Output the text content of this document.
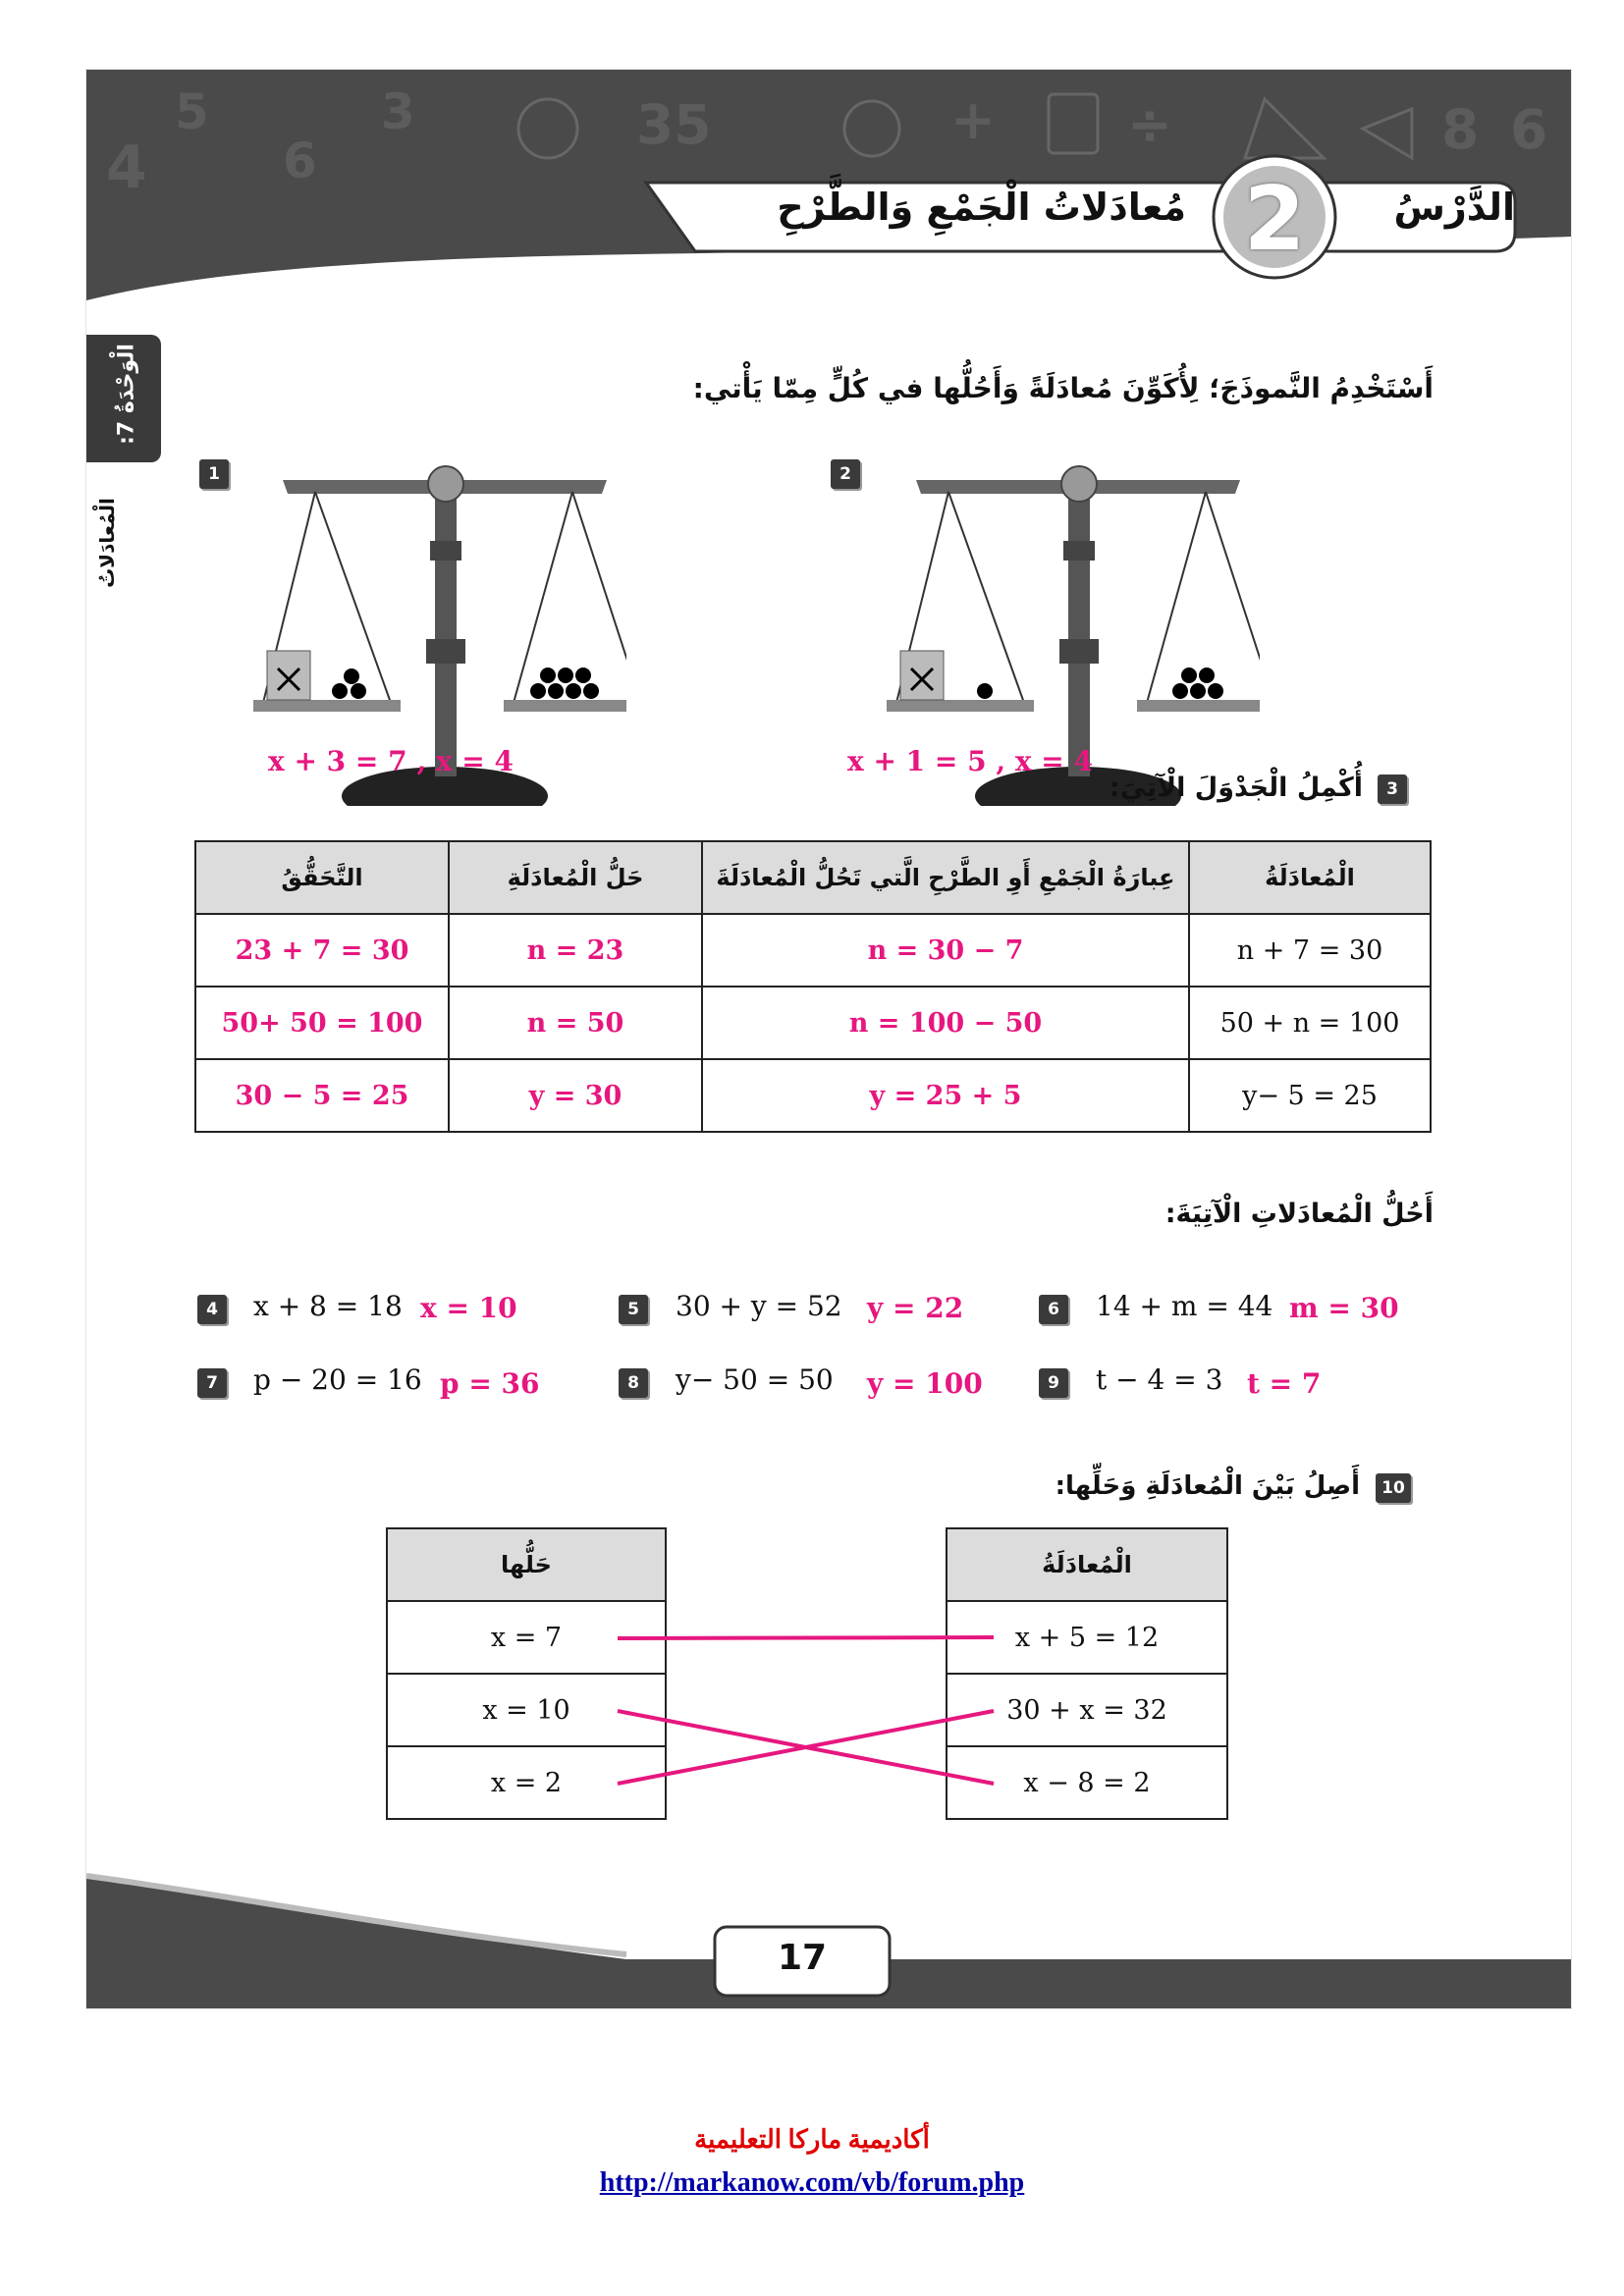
4
5
6
3	35	+ ÷	8 6
2	الدَّرْسُ
مُعادَلاتُ الْجَمْعِ وَالطَّرْحِ
الْوَحْدَةُ 7:
الْمُعادَلاتُ
أَسْتَخْدِمُ النَّموذَجَ؛ لِأُكَوِّنَ مُعادَلَةً وَأَحُلُّها في كُلٍّ مِمّا يَأْتي:
1
x + 3 = 7 , x = 4
2
x + 1 = 5 , x = 4
3
أُكْمِلُ الْجَدْوَلَ الْآتِيَ:
التَّحَقُّقُ	حَلُّ الْمُعادَلَةِ	عِبارَةُ الْجَمْعِ أَوِ الطَّرْحِ الَّتي تَحُلُّ الْمُعادَلَةَ	الْمُعادَلَةُ
23 + 7 = 30	n = 23	n = 30 − 7	n + 7 = 30
50+ 50 = 100	n = 50	n = 100 − 50	50 + n = 100
30 − 5 = 25	y = 30	y = 25 + 5	y− 5 = 25
أَحُلُّ الْمُعادَلاتِ الْآتِيَةَ:
4	x + 8 = 18 x = 10	5	30 + y = 52 y = 22	6	14 + m = 44 m = 30
7	p − 20 = 16 p = 36	8	y− 50 = 50 y = 100	9	t − 4 = 3 t = 7
10
أَصِلُ بَيْنَ الْمُعادَلَةِ وَحَلِّها:
حَلُّها
x = 7
x = 10
x = 2
الْمُعادَلَةُ
x + 5 = 12
30 + x = 32
x − 8 = 2
17
أكاديمية ماركا التعليمية
http://markanow.com/vb/forum.php
